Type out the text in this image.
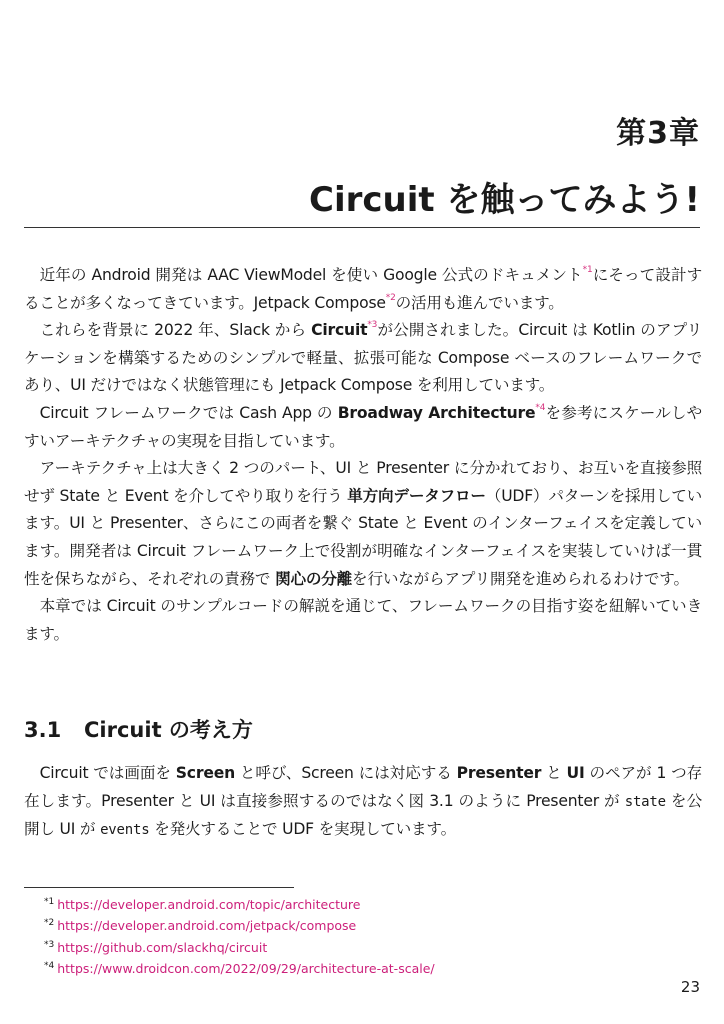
第3章
Circuit を触ってみよう!

近年の Android 開発は AAC ViewModel を使い Google 公式のドキュメント$^{*1}$にそって設計することが多くなってきています。Jetpack Compose$^{*2}$の活用も進んでいます。

これらを背景に 2022 年、Slack から Circuit$^{*3}$が公開されました。Circuit は Kotlin のアプリケーションを構築するためのシンプルで軽量、拡張可能な Compose ベースのフレームワークであり、UI だけではなく状態管理にも Jetpack Compose を利用しています。

Circuit フレームワークでは Cash App の Broadway Architecture$^{*4}$を参考にスケールしやすいアーキテクチャの実現を目指しています。

アーキテクチャ上は大きく 2 つのパート、UI と Presenter に分かれており、お互いを直接参照せず State と Event を介してやり取りを行う 単方向データフロー（UDF）パターンを採用しています。UI と Presenter、さらにこの両者を繋ぐ State と Event のインターフェイスを定義しています。開発者は Circuit フレームワーク上で役割が明確なインターフェイスを実装していけば一貫性を保ちながら、それぞれの責務で 関心の分離を行いながらアプリ開発を進められるわけです。

本章では Circuit のサンプルコードの解説を通じて、フレームワークの目指す姿を紐解いていきます。

3.1 Circuit の考え方

Circuit では画面を Screen と呼び、Screen には対応する Presenter と UI のペアが 1 つ存在します。Presenter と UI は直接参照するのではなく図 3.1 のように Presenter が state を公開し UI が events を発火することで UDF を実現しています。

$^{*1}$ https://developer.android.com/topic/architecture
$^{*2}$ https://developer.android.com/jetpack/compose
$^{*3}$ https://github.com/slackhq/circuit
$^{*4}$ https://www.droidcon.com/2022/09/29/architecture-at-scale/
23
